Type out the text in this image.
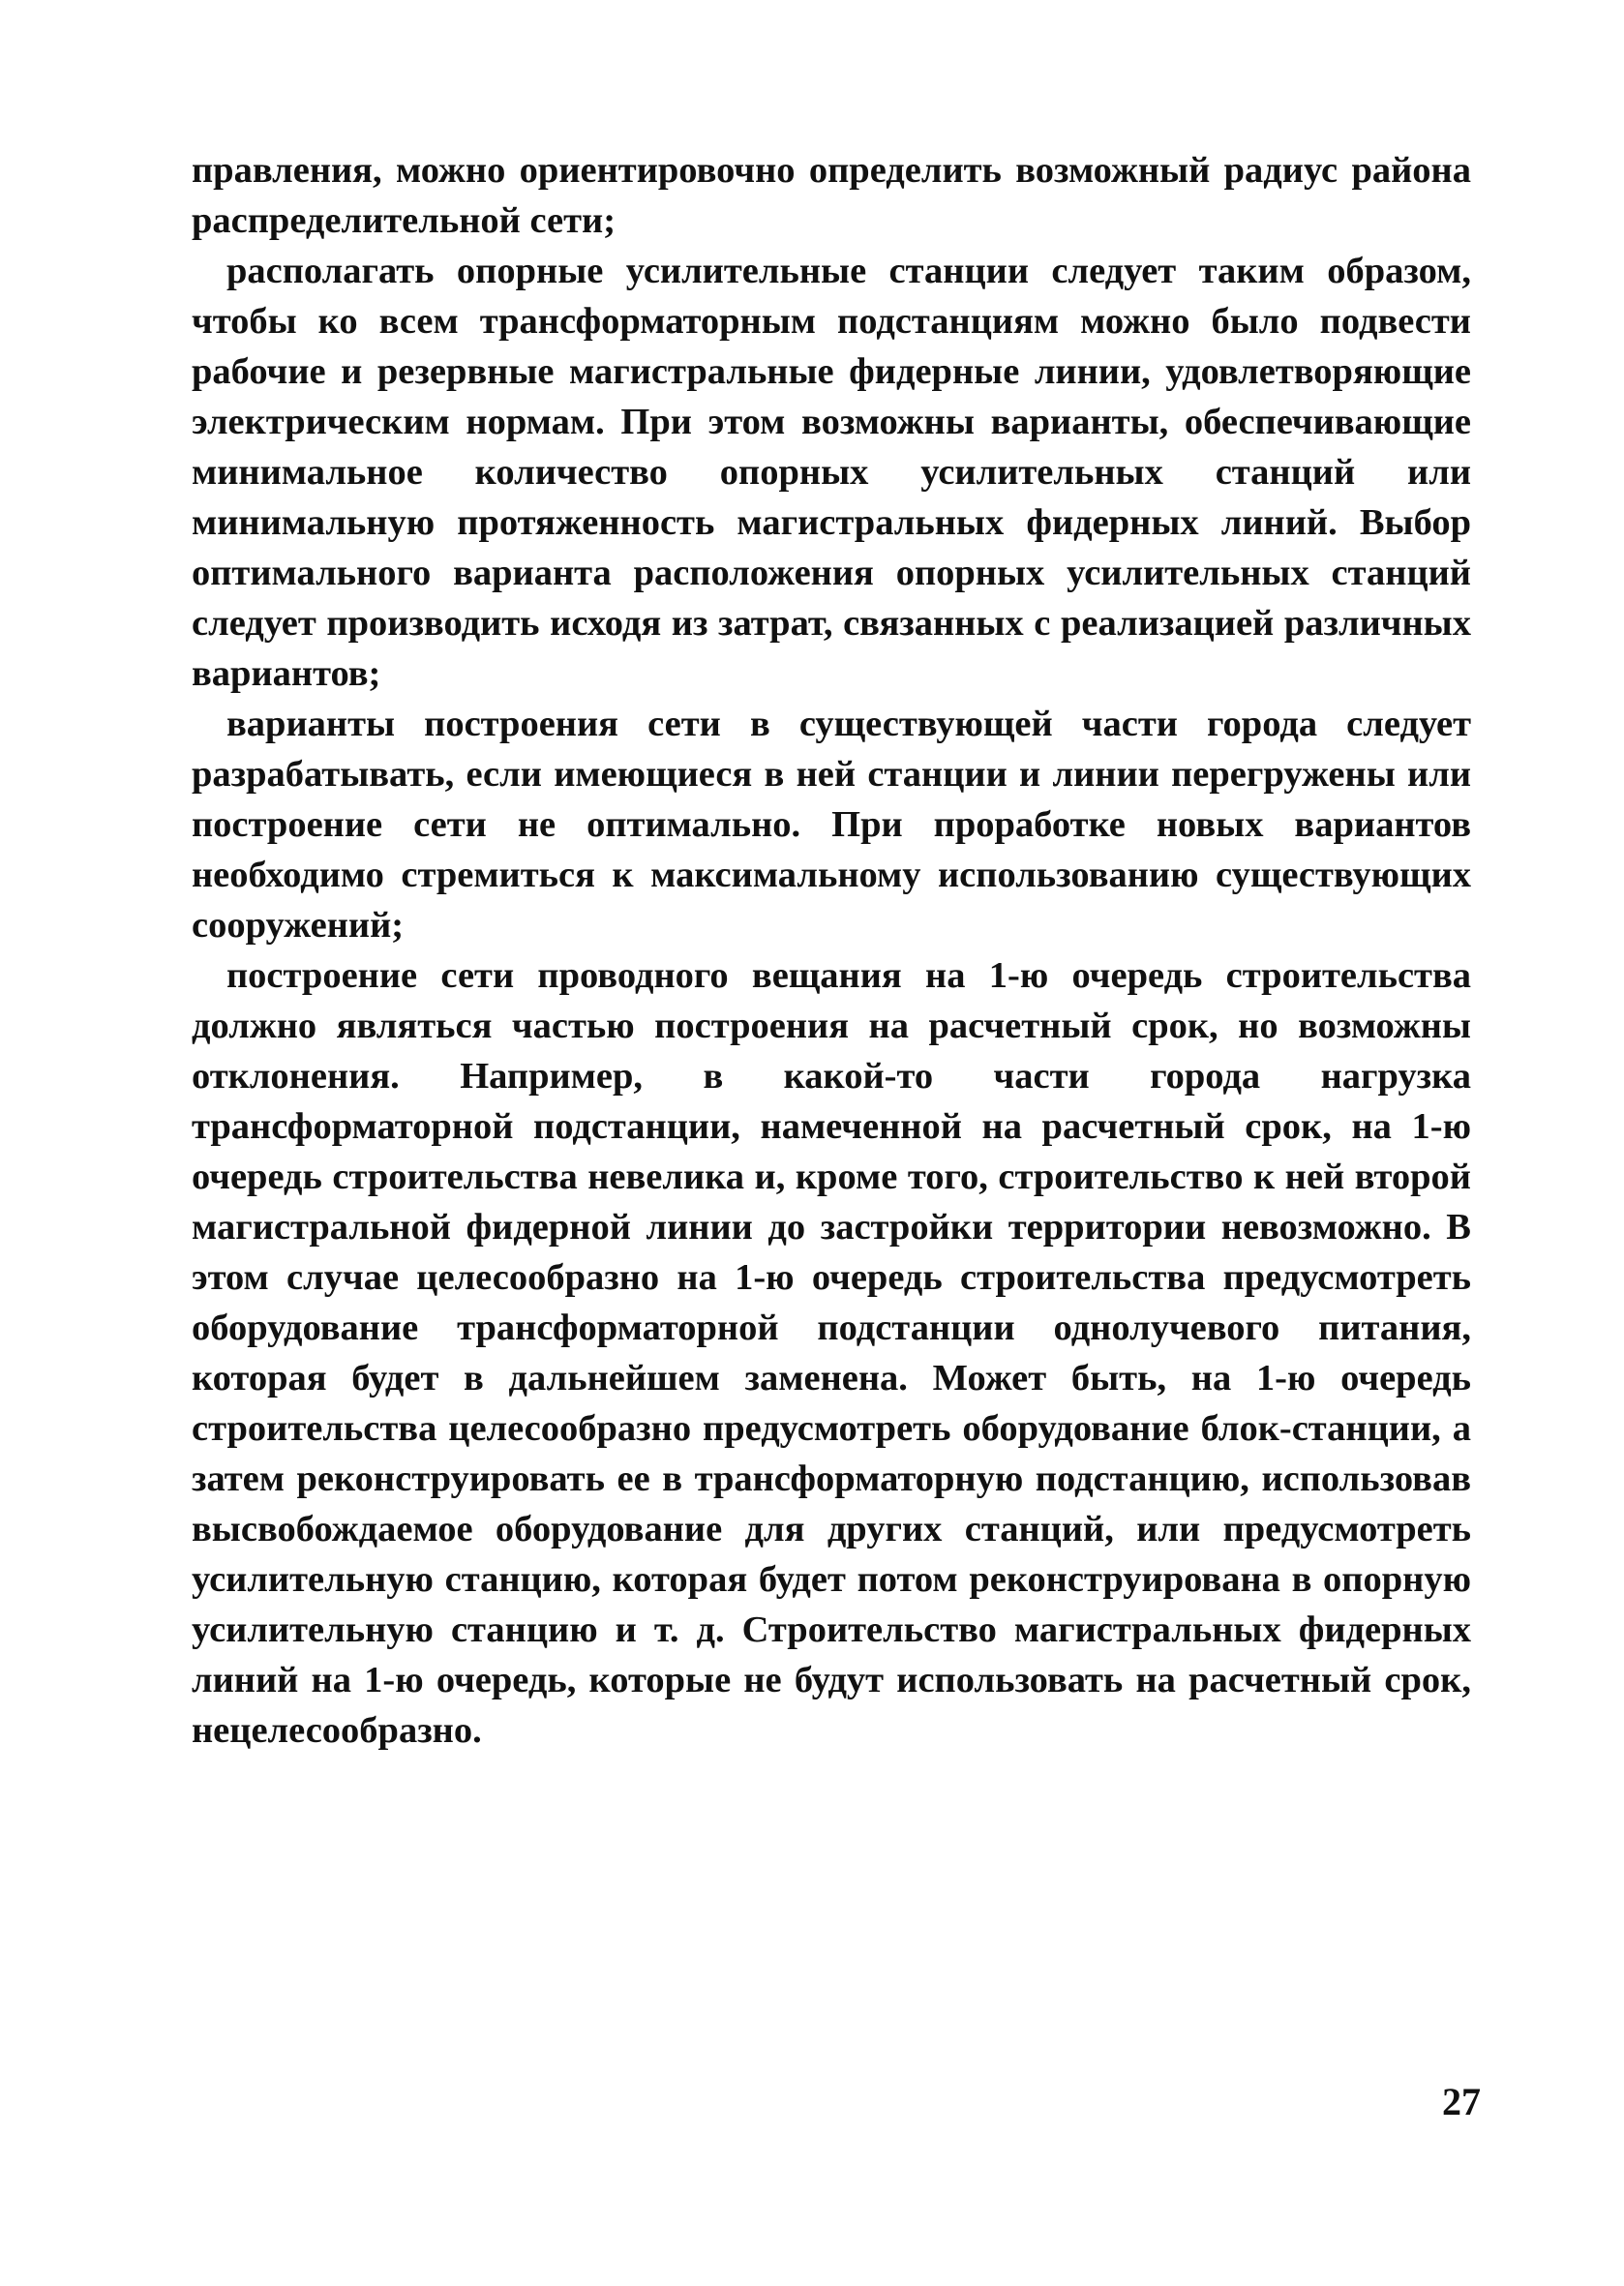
правления, можно ориентировочно определить возможный радиус района распределительной сети;

располагать опорные усилительные станции следует таким образом, чтобы ко всем трансформаторным подстанциям можно было подвести рабочие и резервные магистральные фидерные линии, удовлетворяющие электрическим нормам. При этом возможны варианты, обеспечивающие минимальное количество опорных усилительных станций или минимальную протяженность магистральных фидерных линий. Выбор оптимального варианта расположения опорных усилительных станций следует производить исходя из затрат, связанных с реализацией различных вариантов;

варианты построения сети в существующей части города следует разрабатывать, если имеющиеся в ней станции и линии перегружены или построение сети не оптимально. При проработке новых вариантов необходимо стремиться к максимальному использованию существующих сооружений;

построение сети проводного вещания на 1-ю очередь строительства должно являться частью построения на расчетный срок, но возможны отклонения. Например, в какой-то части города нагрузка трансформаторной подстанции, намеченной на расчетный срок, на 1-ю очередь строительства невелика и, кроме того, строительство к ней второй магистральной фидерной линии до застройки территории невозможно. В этом случае целесообразно на 1-ю очередь строительства предусмотреть оборудование трансформаторной подстанции однолучевого питания, которая будет в дальнейшем заменена. Может быть, на 1-ю очередь строительства целесообразно предусмотреть оборудование блок-станции, а затем реконструировать ее в трансформаторную подстанцию, использовав высвобождаемое оборудование для других станций, или предусмотреть усилительную станцию, которая будет потом реконструирована в опорную усилительную станцию и т. д. Строительство магистральных фидерных линий на 1-ю очередь, которые не будут использовать на расчетный срок, нецелесообразно.

27
